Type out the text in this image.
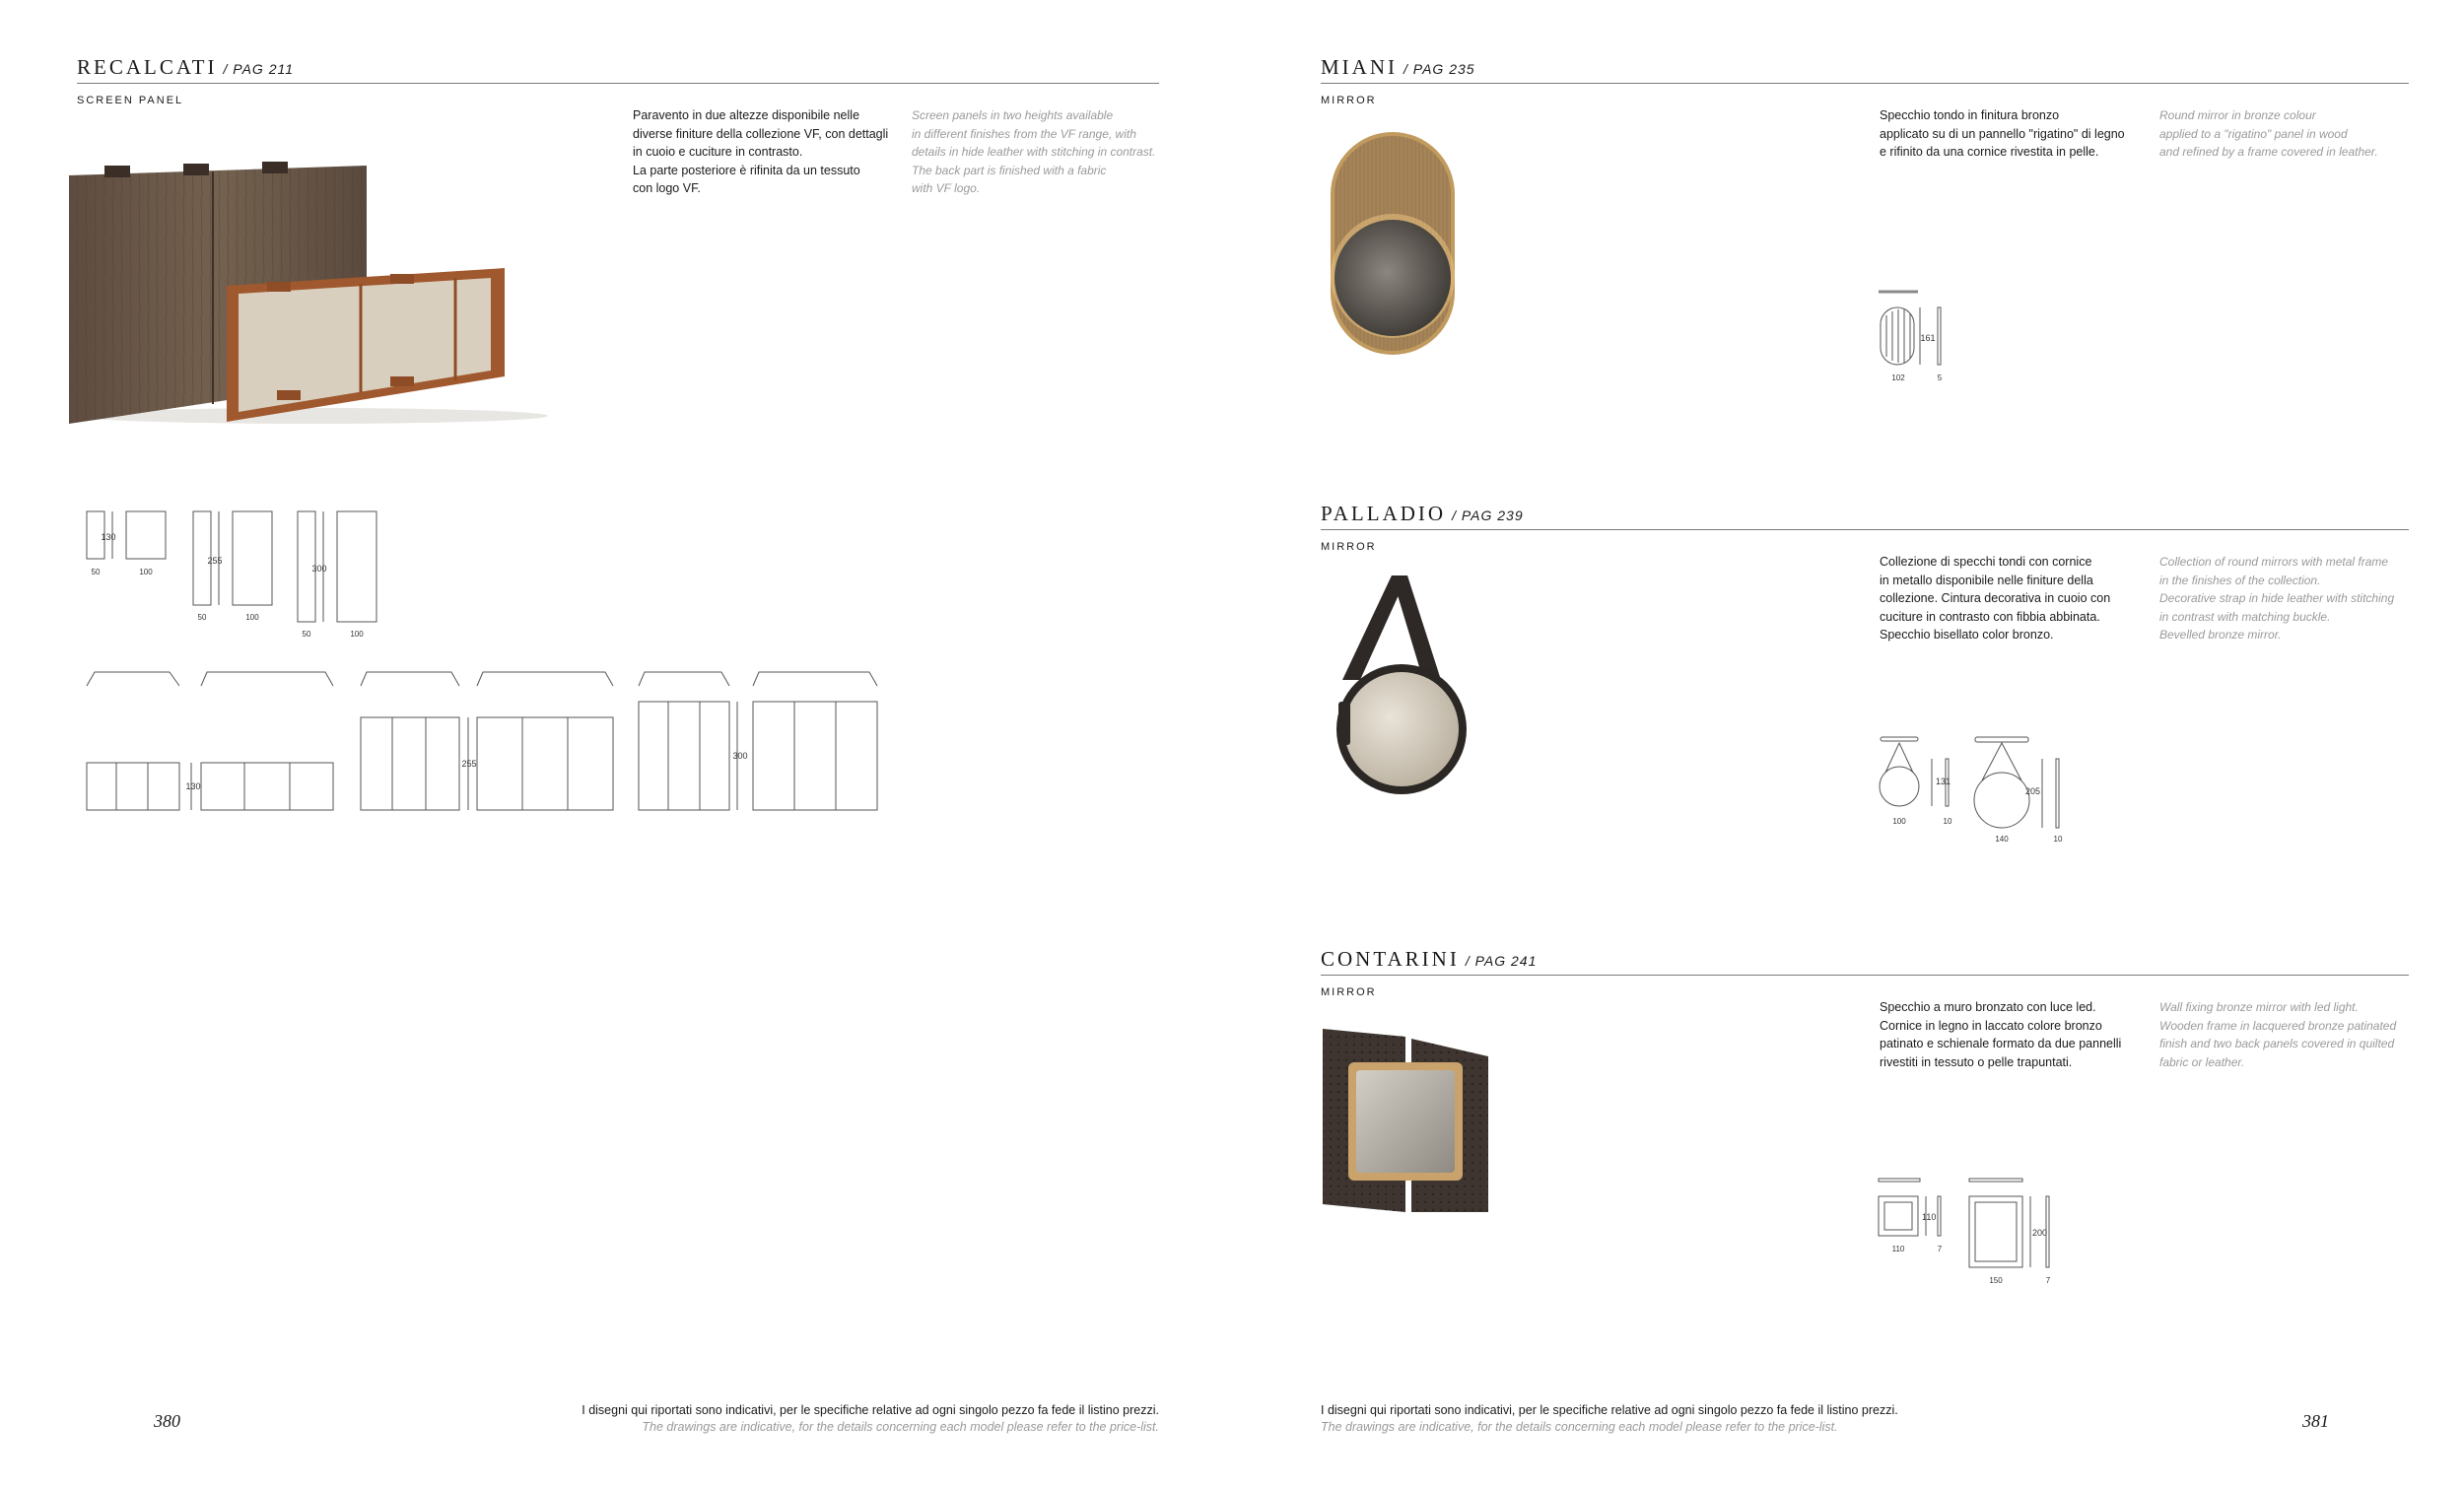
RECALCATI / PAG 211
SCREEN PANEL
Paravento in due altezze disponibile nelle
diverse finiture della collezione VF, con dettagli
in cuoio e cuciture in contrasto.
La parte posteriore è rifinita da un tessuto
con logo VF.
Screen panels in two heights available
in different finishes from the VF range, with
details in hide leather with stitching in contrast.
The back part is finished with a fabric
with VF logo.
130
255
300
50	100
50	100
50	100
130
255
300
I disegni qui riportati sono indicativi, per le specifiche relative ad ogni singolo pezzo fa fede il listino prezzi.
The drawings are indicative, for the details concerning each model please refer to the price-list.
380
MIANI / PAG 235
MIRROR
Specchio tondo in finitura bronzo
applicato su di un pannello "rigatino" di legno
e rifinito da una cornice rivestita in pelle.
Round mirror in bronze colour
applied to a "rigatino" panel in wood
and refined by a frame covered in leather.
161
102	5
PALLADIO / PAG 239
MIRROR
Collezione di specchi tondi con cornice
in metallo disponibile nelle finiture della
collezione. Cintura decorativa in cuoio con
cuciture in contrasto con fibbia abbinata.
Specchio bisellato color bronzo.
Collection of round mirrors with metal frame
in the finishes of the collection.
Decorative strap in hide leather with stitching
in contrast with matching buckle.
Bevelled bronze mirror.
131
100	10
205
140	10
CONTARINI / PAG 241
MIRROR
Specchio a muro bronzato con luce led.
Cornice in legno in laccato colore bronzo
patinato e schienale formato da due pannelli
rivestiti in tessuto o pelle trapuntati.
Wall fixing bronze mirror with led light.
Wooden frame in lacquered bronze patinated
finish and two back panels covered in quilted
fabric or leather.
110
110	7
200
150	7
I disegni qui riportati sono indicativi, per le specifiche relative ad ogni singolo pezzo fa fede il listino prezzi.
The drawings are indicative, for the details concerning each model please refer to the price-list.	381
